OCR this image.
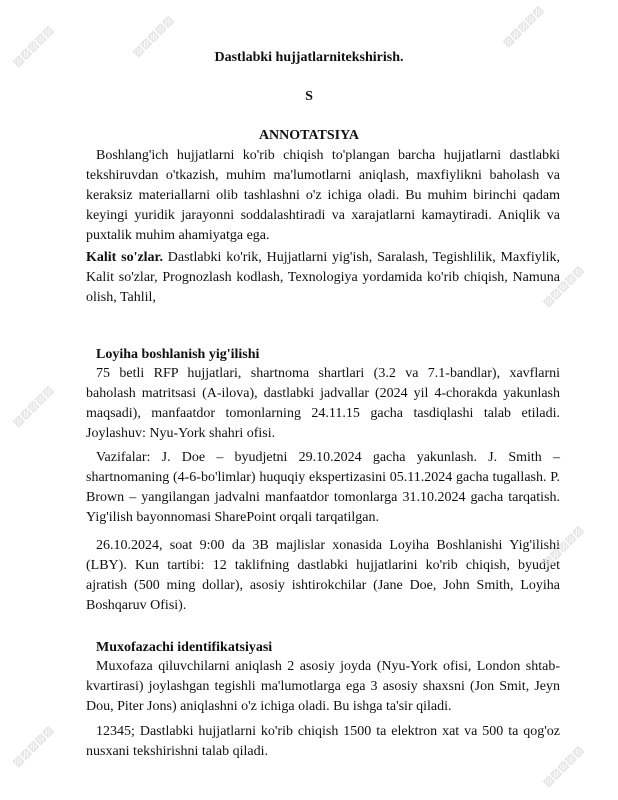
Dastlabki hujjatlarnitekshirish.
S
ANNOTATSIYA
Boshlang'ich hujjatlarni ko'rib chiqish to'plangan barcha hujjatlarni dastlabki tekshiruvdan o'tkazish, muhim ma'lumotlarni aniqlash, maxfiylikni baholash va keraksiz materiallarni olib tashlashni o'z ichiga oladi. Bu muhim birinchi qadam keyingi yuridik jarayonni soddalashtiradi va xarajatlarni kamaytiradi. Aniqlik va puxtalik muhim ahamiyatga ega.
Kalit so'zlar. Dastlabki ko'rik, Hujjatlarni yig'ish, Saralash, Tegishlilik, Maxfiylik, Kalit so'zlar, Prognozlash kodlash, Texnologiya yordamida ko'rib chiqish, Namuna olish, Tahlil,
Loyiha boshlanish yig'ilishi
75 betli RFP hujjatlari, shartnoma shartlari (3.2 va 7.1-bandlar), xavflarni baholash matritsasi (A-ilova), dastlabki jadvallar (2024 yil 4-chorakda yakunlash maqsadi), manfaatdor tomonlarning 24.11.15 gacha tasdiqlashi talab etiladi. Joylashuv: Nyu-York shahri ofisi.
Vazifalar: J. Doe – byudjetni 29.10.2024 gacha yakunlash. J. Smith – shartnomaning (4-6-bo'limlar) huquqiy ekspertizasini 05.11.2024 gacha tugallash. P. Brown – yangilangan jadvalni manfaatdor tomonlarga 31.10.2024 gacha tarqatish. Yig'ilish bayonnomasi SharePoint orqali tarqatilgan.
26.10.2024, soat 9:00 da 3B majlislar xonasida Loyiha Boshlanishi Yig'ilishi (LBY). Kun tartibi: 12 taklifning dastlabki hujjatlarini ko'rib chiqish, byudjet ajratish (500 ming dollar), asosiy ishtirokchilar (Jane Doe, John Smith, Loyiha Boshqaruv Ofisi).
Muxofazachi identifikatsiyasi
Muxofaza qiluvchilarni aniqlash 2 asosiy joyda (Nyu-York ofisi, London shtab-kvartirasi) joylashgan tegishli ma'lumotlarga ega 3 asosiy shaxsni (Jon Smit, Jeyn Dou, Piter Jons) aniqlashni o'z ichiga oladi. Bu ishga ta'sir qiladi.
12345; Dastlabki hujjatlarni ko'rib chiqish 1500 ta elektron xat va 500 ta qog'oz nusxani tekshirishni talab qiladi.
▨▨▨▨▨	▨▨▨▨▨	▨▨▨▨▨
▨▨▨▨▨
▨▨▨▨▨
▨▨▨▨▨
▨▨▨▨▨	▨▨▨▨▨
